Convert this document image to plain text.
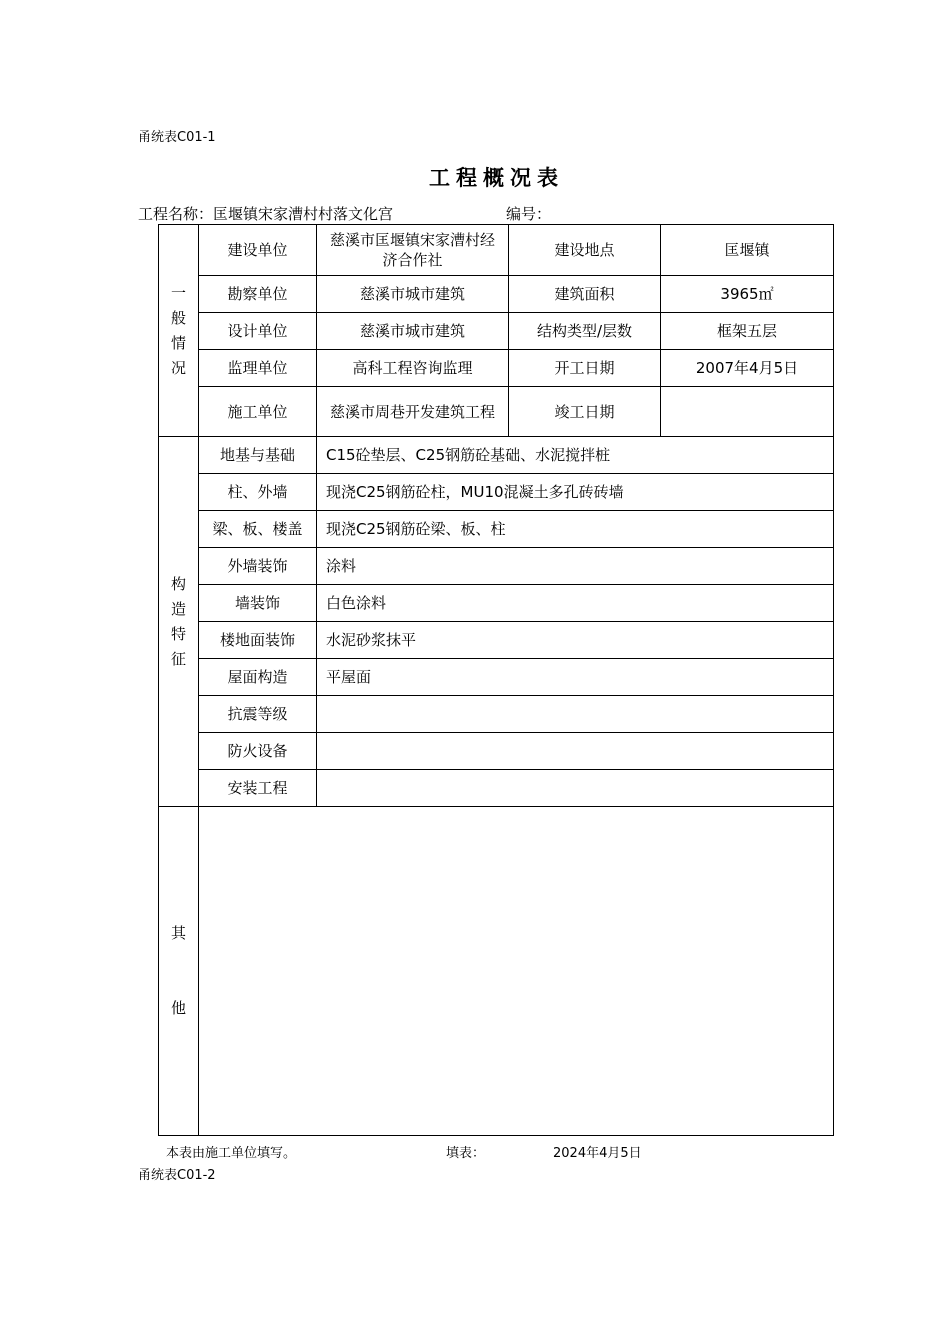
甬统表C01-1
工程概况表
工程名称：匡堰镇宋家漕村村落文化宫	编号：
一般情况	建设单位	慈溪市匡堰镇宋家漕村经济合作社	建设地点	匡堰镇
	勘察单位	慈溪市城市建筑	建筑面积	3965㎡
	设计单位	慈溪市城市建筑	结构类型/层数	框架五层
	监理单位	高科工程咨询监理	开工日期	2007年4月5日
	施工单位	慈溪市周巷开发建筑工程	竣工日期	
构造特征	地基与基础	C15砼垫层、C25钢筋砼基础、水泥搅拌桩		
	柱、外墙	现浇C25钢筋砼柱，MU10混凝土多孔砖砖墙		
	梁、板、楼盖	现浇C25钢筋砼梁、板、柱		
	外墙装饰	涂料		
	墙装饰	白色涂料		
	楼地面装饰	水泥砂浆抹平		
	屋面构造	平屋面		
	抗震等级			
	防火设备			
	安装工程			
其他				
本表由施工单位填写。	填表：	2024年4月5日
甬统表C01-2
